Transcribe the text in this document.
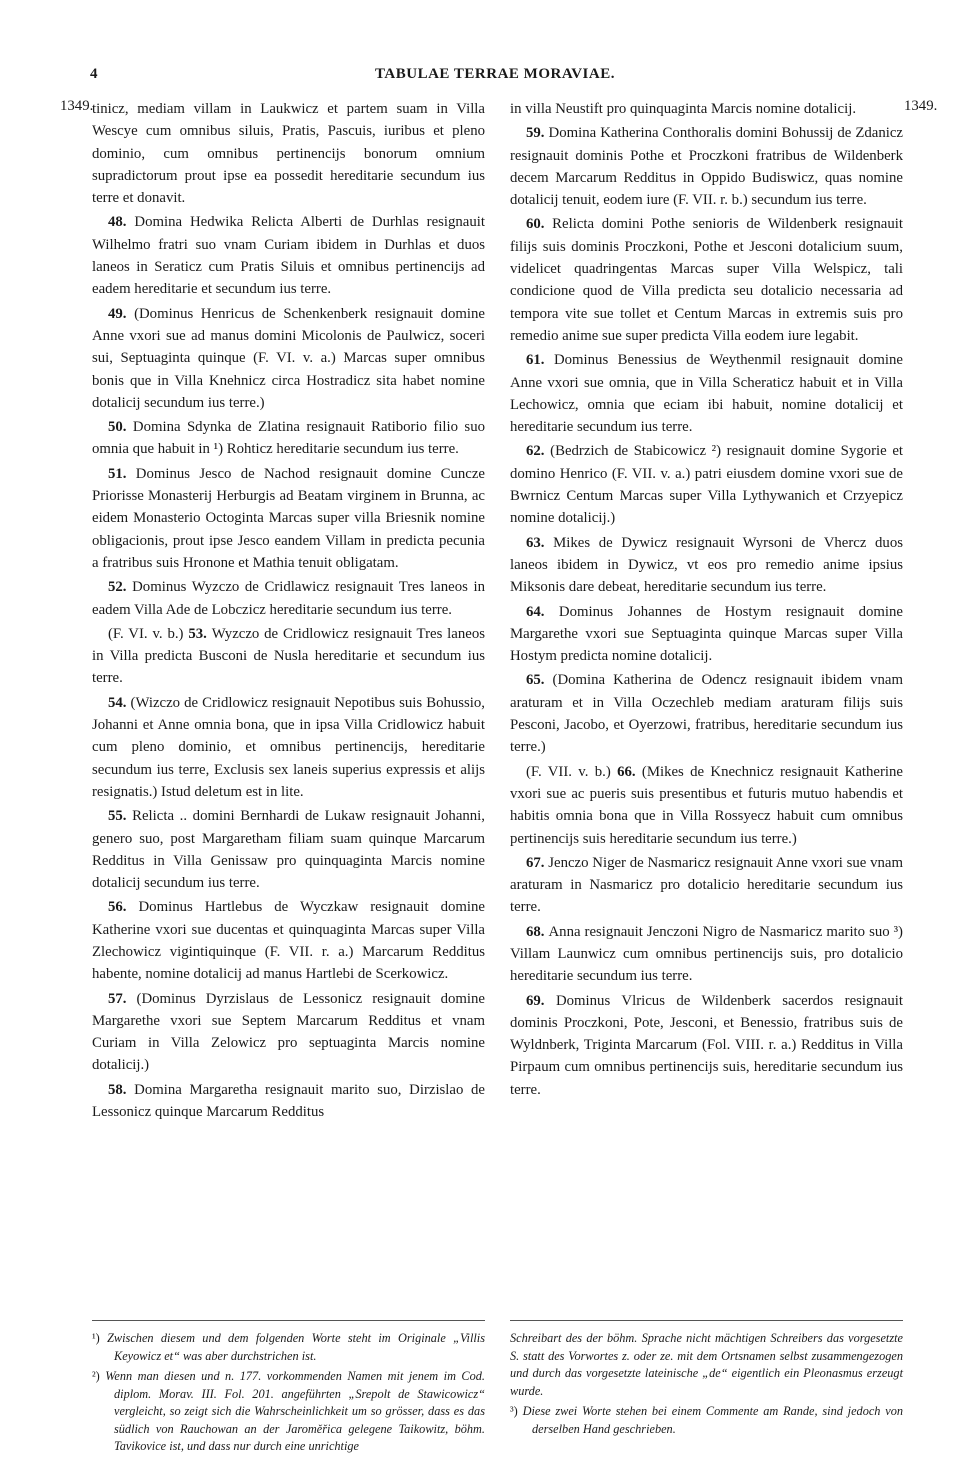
4	TABULAE TERRAE MORAVIAE.
1349.	1349.

tinicz, mediam villam in Laukwicz et partem suam in Villa Wescye cum omnibus siluis, Pratis, Pascuis, iuribus et pleno dominio, cum omnibus pertinencijs bonorum omnium supradictorum prout ipse ea possedit hereditarie secundum ius terre et donavit.

48. Domina Hedwika Relicta Alberti de Durhlas resignauit Wilhelmo fratri suo vnam Curiam ibidem in Durhlas et duos laneos in Seraticz cum Pratis Siluis et omnibus pertinencijs ad eadem hereditarie et secundum ius terre.

49. (Dominus Henricus de Schenkenberk resignauit domine Anne vxori sue ad manus domini Micolonis de Paulwicz, soceri sui, Septuaginta quinque (F. VI. v. a.) Marcas super omnibus bonis que in Villa Knehnicz circa Hostradicz sita habet nomine dotalicij secundum ius terre.)

50. Domina Sdynka de Zlatina resignauit Ratiborio filio suo omnia que habuit in ¹) Rohticz hereditarie secundum ius terre.

51. Dominus Jesco de Nachod resignauit domine Cuncze Priorisse Monasterij Herburgis ad Beatam virginem in Brunna, ac eidem Monasterio Octoginta Marcas super villa Briesnik nomine obligacionis, prout ipse Jesco eandem Villam in predicta pecunia a fratribus suis Hronone et Mathia tenuit obligatam.

52. Dominus Wyzczo de Cridlawicz resignauit Tres laneos in eadem Villa Ade de Lobczicz hereditarie secundum ius terre.

(F. VI. v. b.) 53. Wyzczo de Cridlowicz resignauit Tres laneos in Villa predicta Busconi de Nusla hereditarie et secundum ius terre.

54. (Wizczo de Cridlowicz resignauit Nepotibus suis Bohussio, Johanni et Anne omnia bona, que in ipsa Villa Cridlowicz habuit cum pleno dominio, et omnibus pertinencijs, hereditarie secundum ius terre, Exclusis sex laneis superius expressis et alijs resignatis.) Istud deletum est in lite.

55. Relicta .. domini Bernhardi de Lukaw resignauit Johanni, genero suo, post Margaretham filiam suam quinque Marcarum Redditus in Villa Genissaw pro quinquaginta Marcis nomine dotalicij secundum ius terre.

56. Dominus Hartlebus de Wyczkaw resignauit domine Katherine vxori sue ducentas et quinquaginta Marcas super Villa Zlechowicz vigintiquinque (F. VII. r. a.) Marcarum Redditus habente, nomine dotalicij ad manus Hartlebi de Scerkowicz.

57. (Dominus Dyrzislaus de Lessonicz resignauit domine Margarethe vxori sue Septem Marcarum Redditus et vnam Curiam in Villa Zelowicz pro septuaginta Marcis nomine dotalicij.)

58. Domina Margaretha resignauit marito suo, Dirzislao de Lessonicz quinque Marcarum Redditus

in villa Neustift pro quinquaginta Marcis nomine dotalicij.

59. Domina Katherina Conthoralis domini Bohussij de Zdanicz resignauit dominis Pothe et Proczkoni fratribus de Wildenberk decem Marcarum Redditus in Oppido Budiswicz, quas nomine dotalicij tenuit, eodem iure (F. VII. r. b.) secundum ius terre.

60. Relicta domini Pothe senioris de Wildenberk resignauit filijs suis dominis Proczkoni, Pothe et Jesconi dotalicium suum, videlicet quadringentas Marcas super Villa Welspicz, tali condicione quod de Villa predicta seu dotalicio necessaria ad tempora vite sue tollet et Centum Marcas in extremis suis pro remedio anime sue super predicta Villa eodem iure legabit.

61. Dominus Benessius de Weythenmil resignauit domine Anne vxori sue omnia, que in Villa Scheraticz habuit et in Villa Lechowicz, omnia que eciam ibi habuit, nomine dotalicij et hereditarie secundum ius terre.

62. (Bedrzich de Stabicowicz ²) resignauit domine Sygorie et domino Henrico (F. VII. v. a.) patri eiusdem domine vxori sue de Bwrnicz Centum Marcas super Villa Lythywanich et Crzyepicz nomine dotalicij.)

63. Mikes de Dywicz resignauit Wyrsoni de Vhercz duos laneos ibidem in Dywicz, vt eos pro remedio anime ipsius Miksonis dare debeat, hereditarie secundum ius terre.

64. Dominus Johannes de Hostym resignauit domine Margarethe vxori sue Septuaginta quinque Marcas super Villa Hostym predicta nomine dotalicij.

65. (Domina Katherina de Odencz resignauit ibidem vnam araturam et in Villa Oczechleb mediam araturam filijs suis Pesconi, Jacobo, et Oyerzowi, fratribus, hereditarie secundum ius terre.)

(F. VII. v. b.) 66. (Mikes de Knechnicz resignauit Katherine vxori sue ac pueris suis presentibus et futuris mutuo habendis et habitis omnia bona que in Villa Rossyecz habuit cum omnibus pertinencijs suis hereditarie secundum ius terre.)

67. Jenczo Niger de Nasmaricz resignauit Anne vxori sue vnam araturam in Nasmaricz pro dotalicio hereditarie secundum ius terre.

68. Anna resignauit Jenczoni Nigro de Nasmaricz marito suo ³) Villam Launwicz cum omnibus pertinencijs suis, pro dotalicio hereditarie secundum ius terre.

69. Dominus Vlricus de Wildenberk sacerdos resignauit dominis Proczkoni, Pote, Jesconi, et Benessio, fratribus suis de Wyldnberk, Triginta Marcarum (Fol. VIII. r. a.) Redditus in Villa Pirpaum cum omnibus pertinencijs suis, hereditarie secundum ius terre.

¹) Zwischen diesem und dem folgenden Worte steht im Originale „Villis Keyowicz et“ was aber durchstrichen ist.

²) Wenn man diesen und n. 177. vorkommenden Namen mit jenem im Cod. diplom. Morav. III. Fol. 201. angeführten „Srepolt de Stawicowicz“ vergleicht, so zeigt sich die Wahrscheinlichkeit um so grösser, dass es das südlich von Rauchowan an der Jaroměřica gelegene Taikowitz, böhm. Tavikovice ist, und dass nur durch eine unrichtige

Schreibart des der böhm. Sprache nicht mächtigen Schreibers das vorgesetzte S. statt des Vorwortes z. oder ze. mit dem Ortsnamen selbst zusammengezogen und durch das vorgesetzte lateinische „de“ eigentlich ein Pleonasmus erzeugt wurde.

³) Diese zwei Worte stehen bei einem Commente am Rande, sind jedoch von derselben Hand geschrieben.
